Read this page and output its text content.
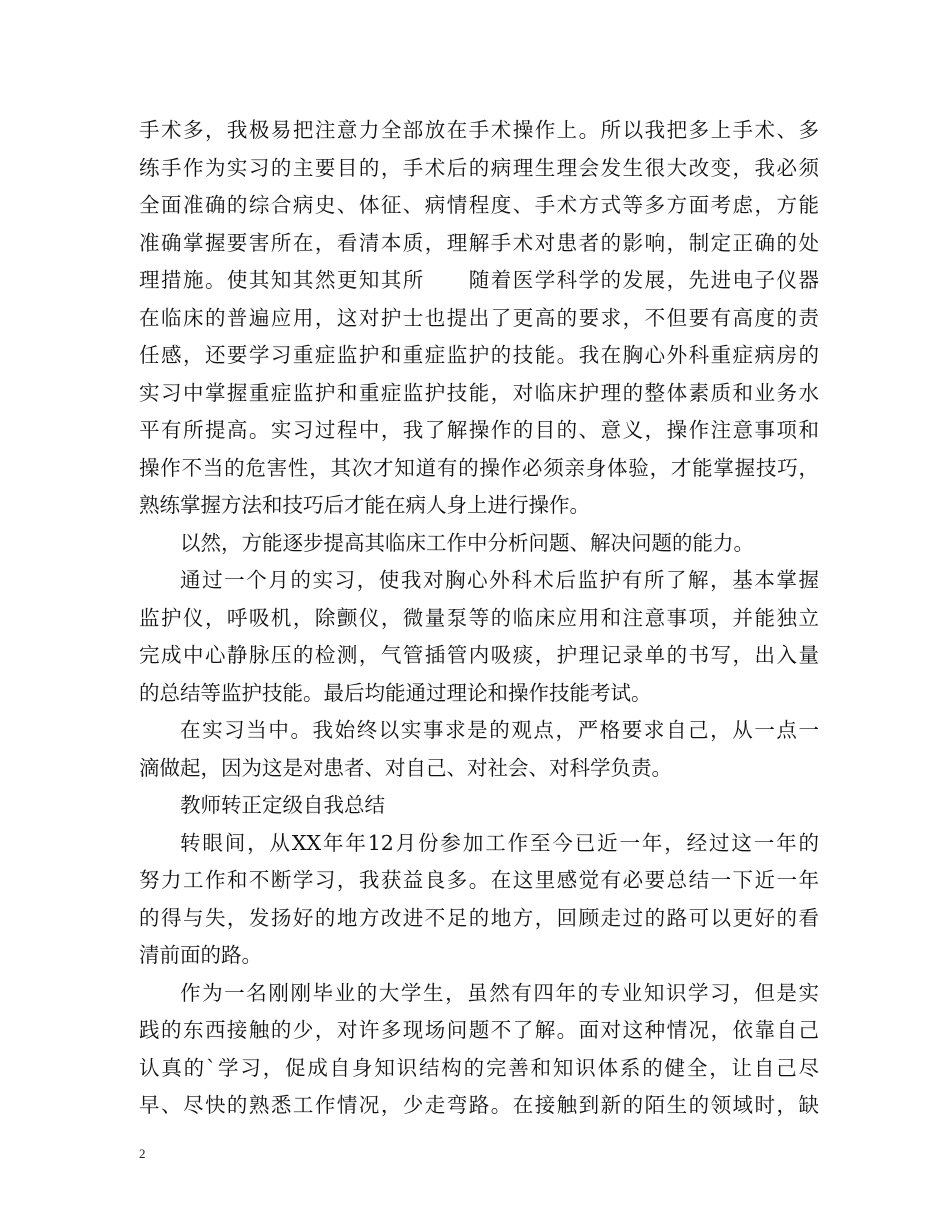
手术多，我极易把注意力全部放在手术操作上。所以我把多上手术、多
练手作为实习的主要目的，手术后的病理生理会发生很大改变，我必须
全面准确的综合病史、体征、病情程度、手术方式等多方面考虑，方能
准确掌握要害所在，看清本质，理解手术对患者的影响，制定正确的处
理措施。使其知其然更知其所　　随着医学科学的发展，先进电子仪器
在临床的普遍应用，这对护士也提出了更高的要求，不但要有高度的责
任感，还要学习重症监护和重症监护的技能。我在胸心外科重症病房的
实习中掌握重症监护和重症监护技能，对临床护理的整体素质和业务水
平有所提高。实习过程中，我了解操作的目的、意义，操作注意事项和
操作不当的危害性，其次才知道有的操作必须亲身体验，才能掌握技巧，
熟练掌握方法和技巧后才能在病人身上进行操作。
以然，方能逐步提高其临床工作中分析问题、解决问题的能力。
通过一个月的实习，使我对胸心外科术后监护有所了解，基本掌握
监护仪，呼吸机，除颤仪，微量泵等的临床应用和注意事项，并能独立
完成中心静脉压的检测，气管插管内吸痰，护理记录单的书写，出入量
的总结等监护技能。最后均能通过理论和操作技能考试。
在实习当中。我始终以实事求是的观点，严格要求自己，从一点一
滴做起，因为这是对患者、对自己、对社会、对科学负责。
教师转正定级自我总结
转眼间，从XX年年12月份参加工作至今已近一年，经过这一年的
努力工作和不断学习，我获益良多。在这里感觉有必要总结一下近一年
的得与失，发扬好的地方改进不足的地方，回顾走过的路可以更好的看
清前面的路。
作为一名刚刚毕业的大学生，虽然有四年的专业知识学习，但是实
践的东西接触的少，对许多现场问题不了解。面对这种情况，依靠自己
认真的`学习，促成自身知识结构的完善和知识体系的健全，让自己尽
早、尽快的熟悉工作情况，少走弯路。在接触到新的陌生的领域时，缺
2
